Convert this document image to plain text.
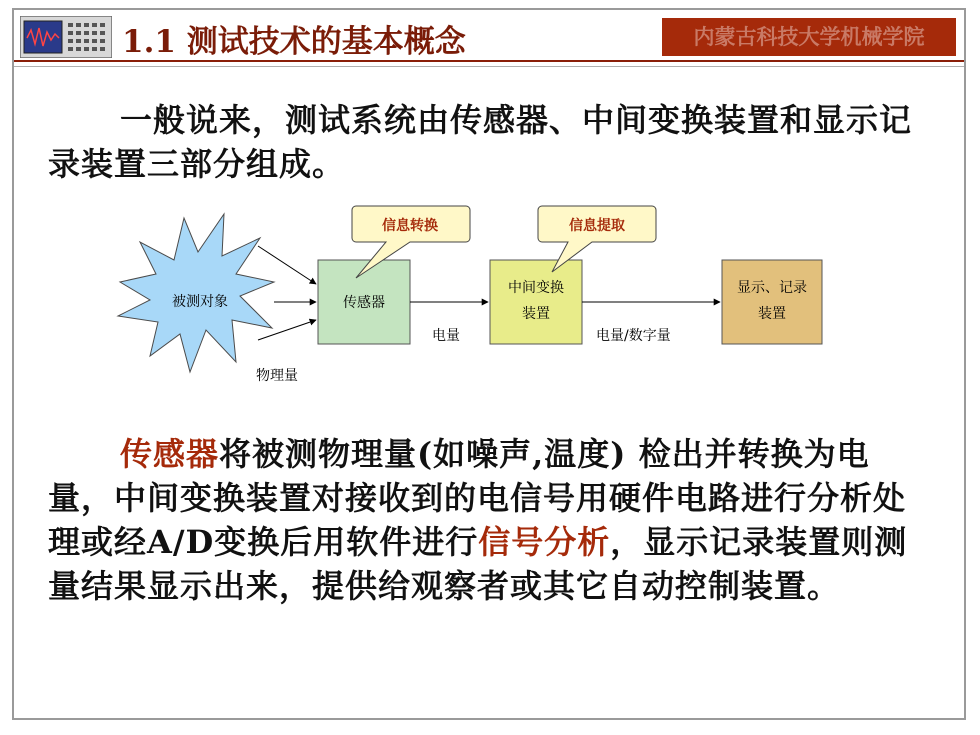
1.1 测试技术的基本概念	内蒙古科技大学机械学院
一般说来，测试系统由传感器、中间变换装置和显示记录装置三部分组成。
被测对象
物理量
传感器
电量
中间变换
装置
电量/数字量
显示、记录
装置
信息转换	信息提取
传感器将被测物理量(如噪声,温度) 检出并转换为电量，中间变换装置对接收到的电信号用硬件电路进行分析处理或经A/D变换后用软件进行信号分析，显示记录装置则测量结果显示出来，提供给观察者或其它自动控制装置。
